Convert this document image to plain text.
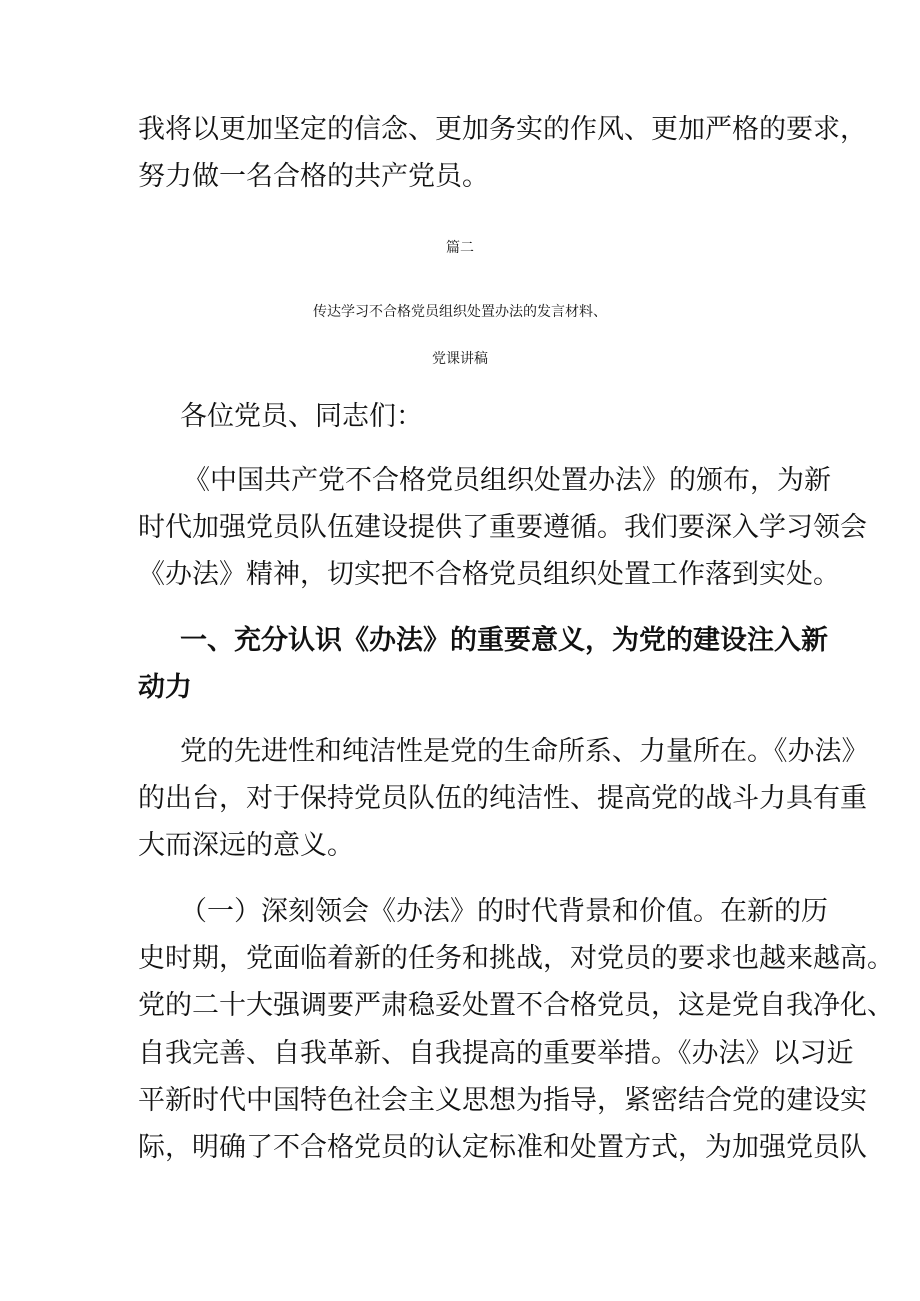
我将以更加坚定的信念、更加务实的作风、更加严格的要求，
努力做一名合格的共产党员。
篇二
传达学习不合格党员组织处置办法的发言材料、
党课讲稿
各位党员、同志们：
《中国共产党不合格党员组织处置办法》的颁布，为新
时代加强党员队伍建设提供了重要遵循。我们要深入学习领会
《办法》精神，切实把不合格党员组织处置工作落到实处。
一、充分认识《办法》的重要意义，为党的建设注入新
动力
党的先进性和纯洁性是党的生命所系、力量所在。《办法》
的出台，对于保持党员队伍的纯洁性、提高党的战斗力具有重
大而深远的意义。
（一）深刻领会《办法》的时代背景和价值。在新的历
史时期，党面临着新的任务和挑战，对党员的要求也越来越高。
党的二十大强调要严肃稳妥处置不合格党员，这是党自我净化、
自我完善、自我革新、自我提高的重要举措。《办法》以习近
平新时代中国特色社会主义思想为指导，紧密结合党的建设实
际，明确了不合格党员的认定标准和处置方式，为加强党员队
